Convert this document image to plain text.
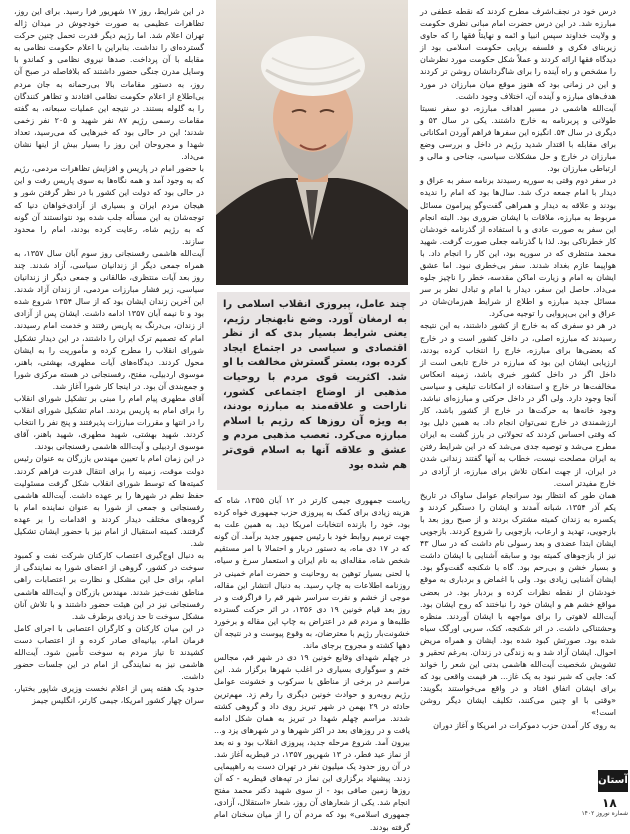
درس خود در نجف‌اشرف مطرح کردند که نقطه عطفی در مبارزه شد. در این درس حضرت امام مبانی نظری حکومت و ولایت خداوند سپس انبیا و ائمه و نهایتاً فقها را که حاوی زیربنای فکری و فلسفه برپایی حکومت اسلامی بود از دیدگاه فقها ارائه کردند و عملاً شکل حکومت مورد نظرشان را مشخص و راه آینده را برای شاگردانشان روشن تر کردند و این در زمانی بود که هنوز موقع میان مبارزان در مورد هدف‌های مبارزه و آینده آن، اختلاف وجود داشت.
آیت‌الله هاشمی در مسیر اهداف مبارزه، دو سفر نسبتا طولانی و پربرنامه به خارج داشتند. یکی در سال ۵۳ و دیگری در سال ۵۴. انگیزه این سفرها فراهم آوردن امکاناتی برای مقابله با اقتدار شدید رژیم در داخل و بررسی وضع مبارزان در خارج و حل مشکلات سیاسی، جناحی و مالی و ارتباطی مبارزان بود.
در سفر دوم وقتی به سوریه رسیدند برنامه سفر به عراق و دیدار با امام جمعه درک شد. سال‌ها بود که امام را ندیده بودند و علاقه به دیدار و همراهی گفت‌وگو پیرامون مسائل مربوط به مبارزه، ملاقات با ایشان ضروری بود. البته انجام این سفر به صورت عادی و با استفاده از گذرنامه خودشان کار خطرناکی بود. لذا با گذرنامه جعلی صورت گرفت. شهید محمد منتظری که در سوریه بود، این کار را انجام داد. با هواپیما عازم بغداد شدند. سفر بی‌خطری نبود. اما عشق ایشان به امام و زیارت اماکن مقدسه، خطر را ناچیز جلوه می‌داد. حاصل این سفر، دیدار با امام و تبادل نظر بر سر مسائل جدید مبارزه و اطلاع از شرایط هم‌زمان‌شان در عراق و این بی‌پروایی را توجیه می‌کرد.
در هر دو سفری که به خارج از کشور داشتند، به این نتیجه رسیدند که مبارزه اصلی، در داخل کشور است و در خارج که بعضی‌ها برای مبارزه، خارج را انتخاب کرده بودند، ارزیابی ایشان این بود که مبارزه در خارج تابعی است از داخل اگر در داخل کشور خبری باشد، زمینه انعکاس مخالفت‌ها در خارج و استفاده از امکانات تبلیغی و سیاسی آنجا وجود دارد. ولی اگر در داخل حرکتی و مبارزه‌ای نباشد، وجود خانه‌ها به حرکت‌ها در خارج از کشور باشد، کار ارزشمندی در خارج نمی‌توان انجام داد. به همین دلیل بود که وقتی احساس کردند که تحولاتی در بارز گشت به ایران مطرح می‌شد و توصیه جدی می‌شد که در این شرایط رفتن به ایران مصلحت نیست، خطاب به آنها گفتند زندانی شدن در ایران، از جهت امکان تلاش برای مبارزه، از آزادی در خارج مفیدتر است.
همان طور که انتظار بود سرانجام عوامل ساواک در تاریخ یکم آذر ۱۳۵۴، شبانه آمدند و ایشان را دستگیر کردند و یکسره به زندان کمیته مشترک بردند و از صبح روز بعد با بازجویی، تهدید و ارعاب، بازجویی را شروع کردند. بازجویی ایشان ابتدا عضدی و بعد رسولی نام داشت که در سال ۴۳ نیز از بازجوهای کمیته بود و سابقه آشنایی با ایشان داشت و بسیار خشن و بی‌رحم بود. گاه با شکنجه گفت‌وگو بود. ایشان آشنایی زیادی بود. ولی با اغماض و بردباری به موقع خودشان از نقطه نظرات کرده و بردبار بود. در بعضی مواقع خشم هم و ایشان خود را نباختند که روح ایشان بود. آیت‌الله لاهوتی را برای مواجهه با ایشان آوردند. منظره وحشتناکی داشت. در اثر شکنجه، کتک، سربی اورگک سیاه شده بود. صورتش کبود شده بود. ایشان و همراه مریض احوال. ایشان آزاد شد و به زندگی در زندان. به‌رغم تحقیر و تشویش شخصیت آیت‌الله هاشمی بدنی این شعر را خواند که: جایی که شیر نبود به یک غاز... هر قیمت واقعی بود که برای ایشان اتفاق افتاد و در واقع می‌خواستند بگویند: «وقتی با او چنین می‌کنند، تکلیف ایشان دیگر روشن است!»
به روی کار آمدن حزب دموکرات در امریکا و آغاز دوران
چند عامل، پیروزی انقلاب اسلامی را به ارمغان آورد. وضع نابهنجار رژیم، یعنی شرایط بسیار بدی که از نظر اقتصادی و سیاسی در اجتماع ایجاد کرده بود، بستر گسترش مخالفت با او شد. اکثریت قوی مردم با روحیات مذهبی از اوضاع اجتماعی کشور، ناراحت و علاقه‌مند به مبارزه بودند، به ویژه آن روزها که رژیم با اسلام مبارزه می‌کرد. تعصب مذهبی مردم و عشق و علاقه آنها به اسلام قوی‌تر هم شده بود
ریاست جمهوری جیمی کارتر در ۱۲ آبان ۱۳۵۵، شاه که هزینه زیادی برای کمک به پیروزی حزب جمهوری خواه کرده بود، خود را بازنده انتخابات امریکا دید. به همین علت به جهت ترمیم روابط خود با رئیس جمهور جدید برآمد. آن گونه که در ۱۷ دی ماه، به دستور دربار و احتمالا با امر مستقیم شخص شاه، مقاله‌ای به نام ایران و استعمار سرخ و سیاه، با لحنی بسیار توهین به روحانیت و حضرت امام خمینی در روزنامه اطلاعات به چاپ رسید. به دنبال انتشار این مقاله، موجی از خشم و نفرت سراسر شهر قم را فراگرفت و در روز بعد قیام خونین ۱۹ دی ۱۳۵۶، در اثر حرکت گسترده طلبه‌ها و مردم قم در اعتراض به چاپ این مقاله و برخورد خشونت‌بار رژیم با معترضان، به وقوع پیوست و در نتیجه آن دهها کشته و مجروح برجای ماند.
در چهلم شهدای وقایع خونین ۱۹ دی در شهر قم، مجالس ختم و سوگواری بسیاری در اغلب شهرها برگزار شد. این مراسم در برخی از مناطق با سرکوب و خشونت عوامل رژیم روبه‌رو و حوادث خونین دیگری را رقم زد. مهم‌ترین حادثه در ۲۹ بهمن در شهر تبریز روی داد و گروهی کشته شدند. مراسم چهلم شهدا در تبریز به همان شکل ادامه یافت و در روزهای بعد در اکثر شهرها و در شهرهای یزد و... بیرون آمد. شروع مرحله جدید، پیروزی انقلاب بود و نه بعد از نماز عید فطر، در ۱۳ شهریور ۱۳۵۷، در قیطریه آغاز شد. در آن روز حدود یک میلیون نفر در تهران دست به راهپیمایی زدند. پیشنهاد برگزاری این نماز در تپه‌های قیطریه - که آن روزها زمین صافی بود - از سوی شهید دکتر محمد مفتح انجام شد. یکی از شعارهای آن روز، شعار «استقلال، آزادی، جمهوری اسلامی» بود که مردم آن را از میان سخنان امام گرفته بودند.
در این شرایط، روز ۱۷ شهریور فرا رسید. برای این روز، تظاهرات عظیمی به صورت خودجوش در میدان ژاله تهران اعلام شد. اما رژیم دیگر قدرت تحمل چنین حرکت گسترده‌ای را نداشت. بنابراین با اعلام حکومت نظامی به مقابله با آن پرداخت. صدها نیروی نظامی و کماندو با وسایل مدرن جنگی حضور داشتند که بلافاصله در صبح آن روز، به دستور مقامات بالا بی‌رحمانه به جان مردم بی‌اطلاع از اعلام حکومت نظامی افتادند و تظاهر کنندگان را به گلوله بستند. در نتیجه این عملیات سبعانه، به گفته مقامات رسمی رژیم ۸۷ نفر شهید و ۲۰۵ نفر زخمی شدند؛ این در حالی بود که خبرهایی که می‌رسید، تعداد شهدا و مجروحان این روز را بسیار بیش از اینها نشان می‌داد.
با حضور امام در پاریس و افزایش تظاهرات مردمی، رژیم که به وجود آمد و همه نگاه‌ها به سوی پاریس رفت و این در حالی بود که دولت این کشور با در نظر گرفتن شور و هیجان مردم ایران و بسیاری از آزادی‌خواهان دنیا که توجه‌شان به این مسأله جلب شده بود نتوانستند آن گونه که به رژیم شاه، رعایت کرده بودند، امام را محدود سازند.
آیت‌الله هاشمی رفسنجانی روز سوم آبان سال ۱۳۵۷، به همراه جمعی دیگر از زندانیان سیاسی، آزاد شدند. چند روز بعد آیات منتظری، طالقانی و جمعی دیگر از زندانیان سیاسی، زیر فشار مبارزات مردمی، از زندان آزاد شدند. این آخرین زندان ایشان بود که از سال ۱۳۵۴ شروع شده بود و تا نیمه آبان ۱۳۵۷ ادامه داشت. ایشان پس از آزادی از زندان، بی‌درنگ به پاریس رفتند و خدمت امام رسیدند. امام که تصمیم ترک ایران را داشتند، در این دیدار تشکیل شورای انقلاب را مطرح کرده و مأموریت را به ایشان محول کردند. دیدگاه‌های آیات مطهری، بهشتی، باهنر، موسوی اردبیلی، مفتح، رفسنجانی در هسته مرکزی شورا و جمع‌بندی آن بود. در اینجا کار شورا آغاز شد.
آقای مطهری پیام امام را مبنی بر تشکیل شورای انقلاب را برای امام به پاریس بردند. امام تشکیل شورای انقلاب را در انتها و مقررات مبارزات پذیرفتند و پنج نفر را انتخاب کردند. شهید بهشتی، شهید مطهری، شهید باهنر، آقای موسوی اردبیلی و آیت‌الله هاشمی رفسنجانی بودند.
در این زمان امام با تعیین مهندس بازرگان به عنوان رئیس دولت موقت، زمینه را برای انتقال قدرت فراهم کردند. کمیته‌ها که توسط شورای انقلاب شکل گرفت مسئولیت حفظ نظم در شهرها را بر عهده داشت. آیت‌الله هاشمی رفسنجانی و جمعی از شورا به عنوان نماینده امام با گروه‌های مختلف دیدار کردند و اقدامات را بر عهده گرفتند. کمیته استقبال از امام نیز با حضور ایشان تشکیل شد.
به دنبال اوج‌گیری اعتصاب کارکنان شرکت نفت و کمبود سوخت در کشور، گروهی از اعضای شورا به نمایندگی از امام، برای حل این مشکل و نظارت بر اعتصابات راهی مناطق نفت‌خیز شدند. مهندس بازرگان و آیت‌الله هاشمی رفسنجانی نیز در این هیئت حضور داشتند و با تلاش آنان مشکل سوخت تا حد زیادی برطرف شد.
در این میان کارکنان و کارگران اعتصابی با اجرای کامل فرمان امام، بیانیه‌ای صادر کرده و از اعتصاب دست کشیدند تا نیاز مردم به سوخت تأمین شود. آیت‌الله هاشمی نیز به نمایندگی از امام در این جلسات حضور داشت.
حدود یک هفته پس از اعلام نخست وزیری شاپور بختیار، سران چهار کشور امریکا، جیمی کارتر، انگلیس جیمز
آستان
۱۸
شماره نوروز ۱۴۰۲
